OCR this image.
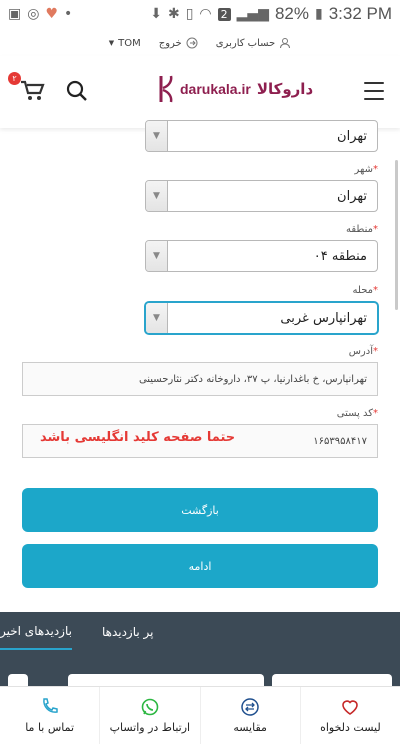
▣ ◎ ♥ •	⬇ ✱ ▯ ◠ 2 ▂▄▆ 82% ▮ 3:32 PM
▼ TOM خروج	حساب کاربری
۲
darukala.ir داروکالا
▼	تهران
*شهر
▼	تهران
*منطقه
▼	منطقه ۰۴
*محله
▼	تهرانپارس غربی
*آدرس
تهرانپارس، خ باغدارنیا، پ ۳۷، داروخانه دکتر نثارحسینی
*کد پستی
۱۶۵۳۹۵۸۴۱۷
حتما صفحه کلید انگلیسی باشد
بازگشت
ادامه
بازدیدهای اخیر	پر بازدیدها
تماس با ما	ارتباط در واتساپ	مقایسه	لیست دلخواه
